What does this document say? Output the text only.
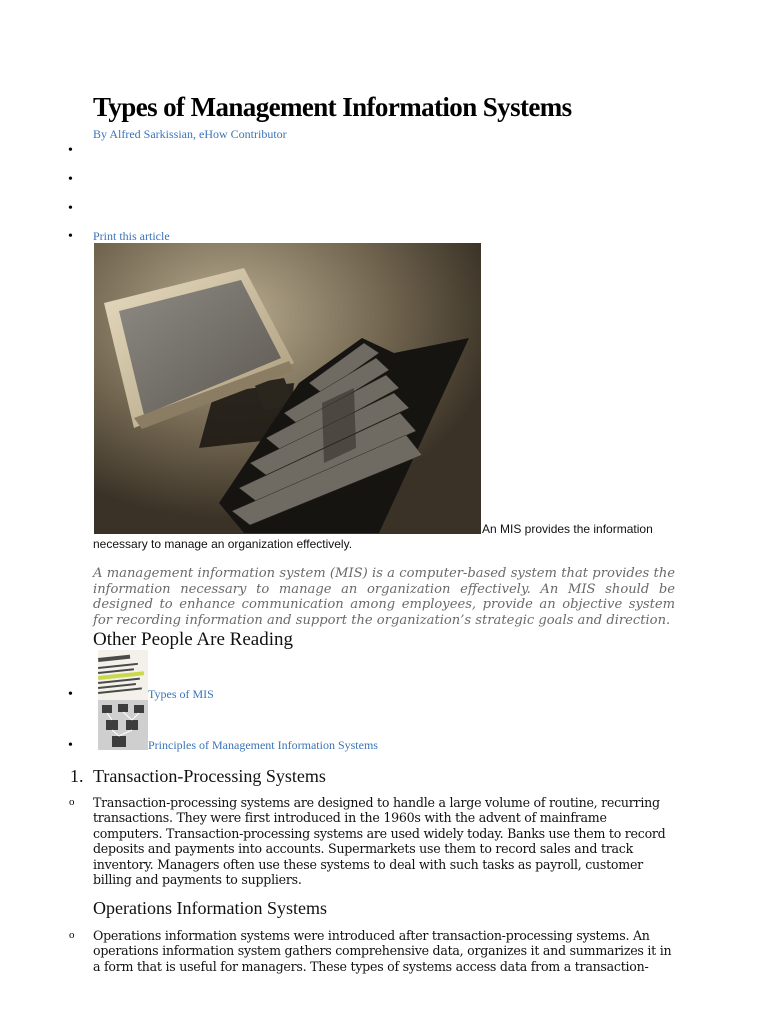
Types of Management Information Systems
By Alfred Sarkissian, eHow Contributor
•
•
•
• Print this article
An MIS provides the information
necessary to manage an organization effectively.
A management information system (MIS) is a computer-based system that provides the information necessary to manage an organization effectively. An MIS should be designed to enhance communication among employees, provide an objective system for recording information and support the organization’s strategic goals and direction.
Other People Are Reading
•	Types of MIS
•	Principles of Management Information Systems
1. Transaction-Processing Systems
o Transaction-processing systems are designed to handle a large volume of routine, recurring transactions. They were first introduced in the 1960s with the advent of mainframe computers. Transaction-processing systems are used widely today. Banks use them to record deposits and payments into accounts. Supermarkets use them to record sales and track inventory. Managers often use these systems to deal with such tasks as payroll, customer billing and payments to suppliers.
Operations Information Systems
o Operations information systems were introduced after transaction-processing systems. An operations information system gathers comprehensive data, organizes it and summarizes it in a form that is useful for managers. These types of systems access data from a transaction-
